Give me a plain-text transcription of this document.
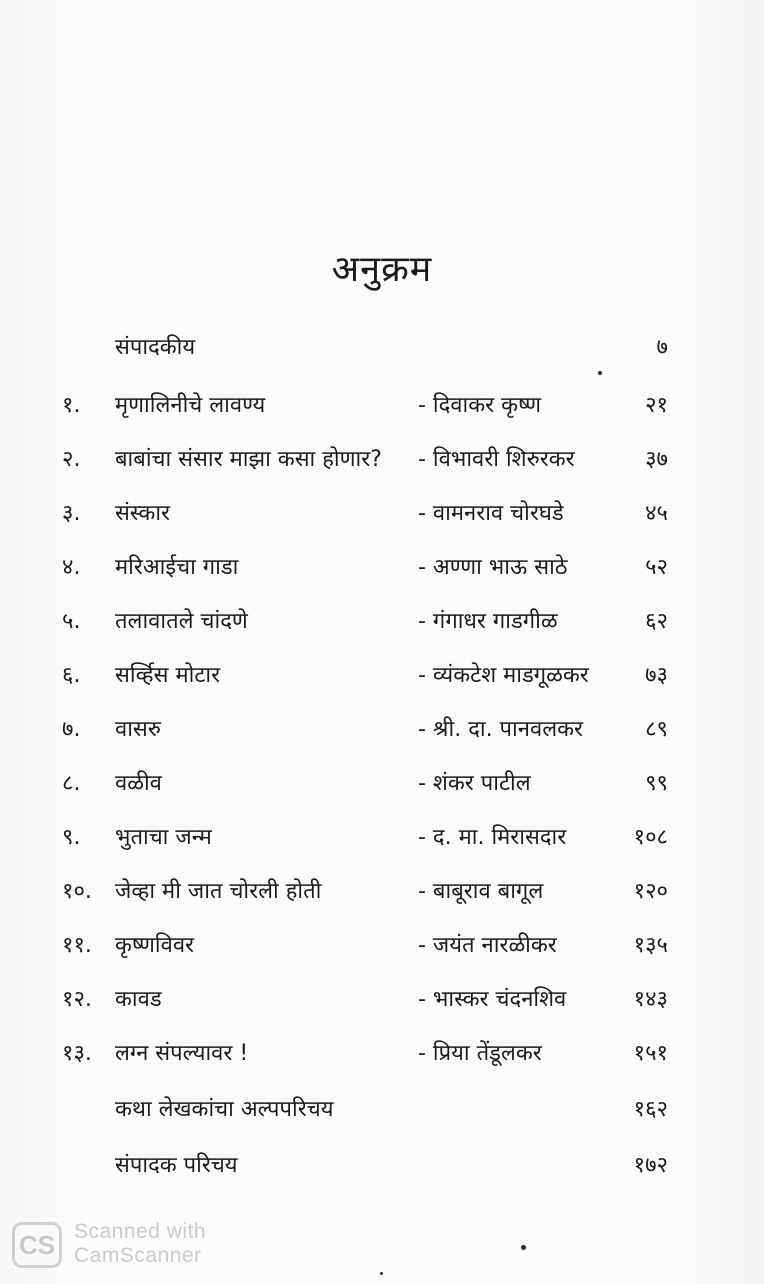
अनुक्रम
संपादकीय	७
१. मृणालिनीचे लावण्य	- दिवाकर कृष्ण	२१
२. बाबांचा संसार माझा कसा होणार? - विभावरी शिरुरकर	३७
३. संस्कार	- वामनराव चोरघडे	४५
४. मरिआईचा गाडा	- अण्णा भाऊ साठे	५२
५. तलावातले चांदणे	- गंगाधर गाडगीळ	६२
६. सर्व्हिस मोटार	- व्यंकटेश माडगूळकर	७३
७. वासरु	- श्री. दा. पानवलकर	८९
८. वळीव	- शंकर पाटील	९९
९. भुताचा जन्म	- द. मा. मिरासदार	१०८
१०. जेव्हा मी जात चोरली होती	- बाबूराव बागूल	१२०
११. कृष्णविवर	- जयंत नारळीकर	१३५
१२. कावड	- भास्कर चंदनशिव	१४३
१३. लग्न संपल्यावर !	- प्रिया तेंडूलकर	१५१
कथा लेखकांचा अल्पपरिचय	१६२
संपादक परिचय	१७२
CS Scanned with
CamScanner
